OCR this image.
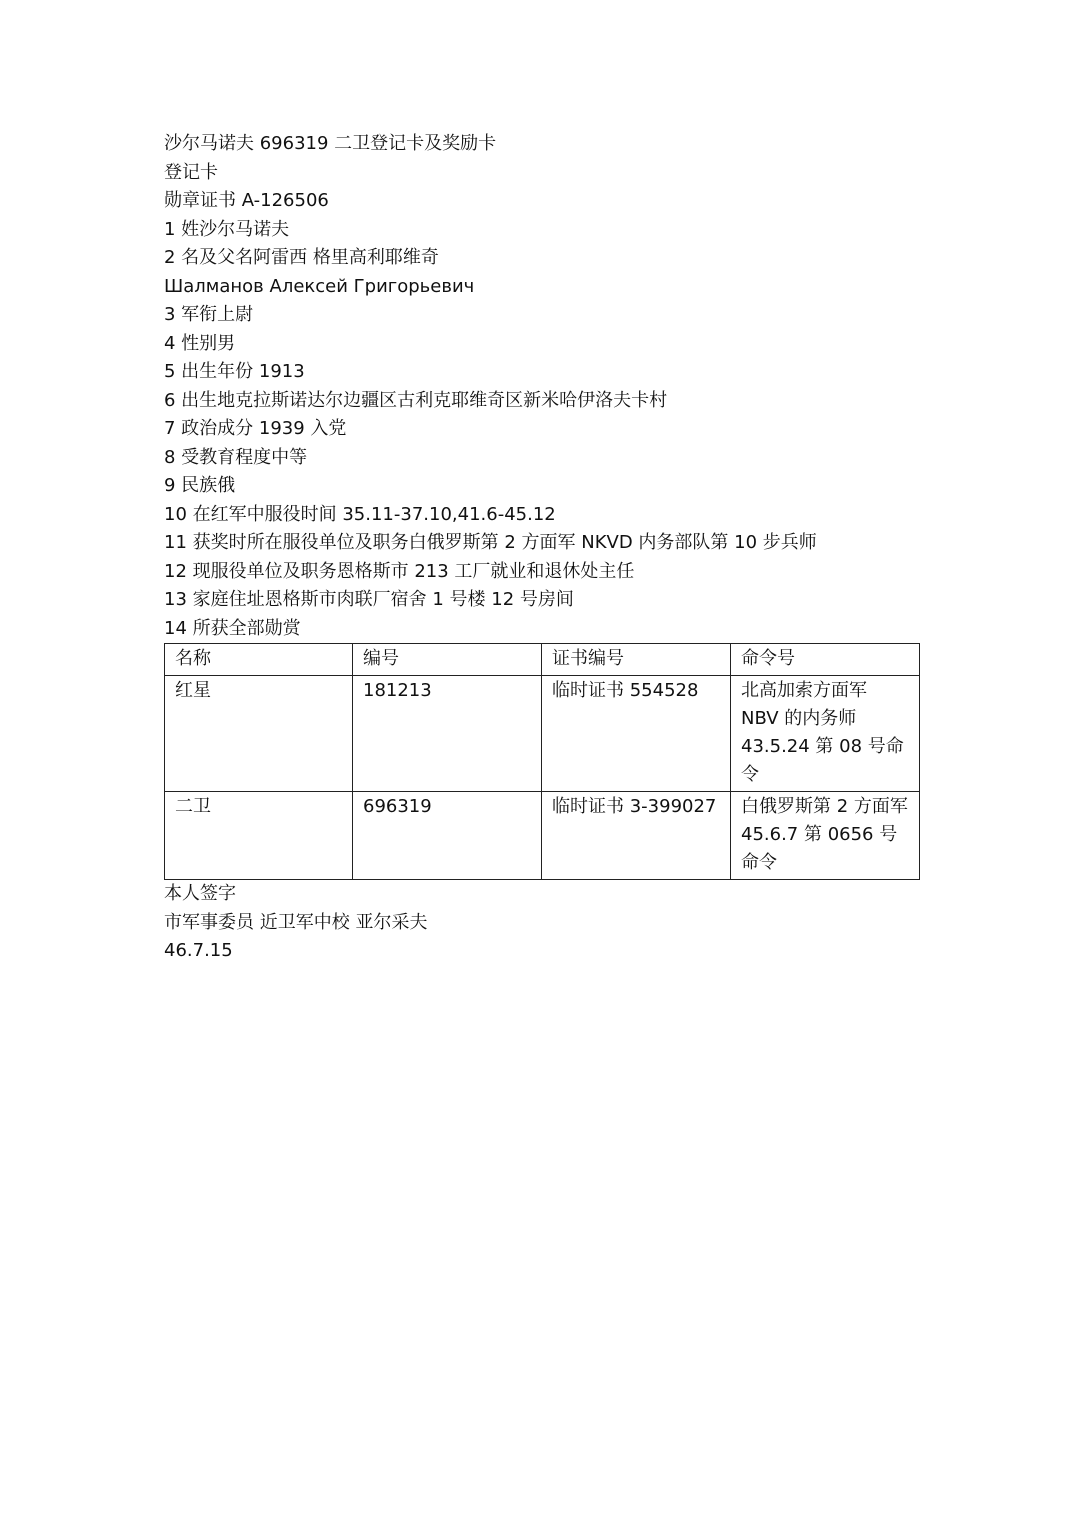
沙尔马诺夫 696319 二卫登记卡及奖励卡
登记卡
勋章证书 A-126506
1 姓沙尔马诺夫
2 名及父名阿雷西 格里高利耶维奇
Шалманов Алексей Григорьевич
3 军衔上尉
4 性别男
5 出生年份 1913
6 出生地克拉斯诺达尔边疆区古利克耶维奇区新米哈伊洛夫卡村
7 政治成分 1939 入党
8 受教育程度中等
9 民族俄
10 在红军中服役时间 35.11-37.10,41.6-45.12
11 获奖时所在服役单位及职务白俄罗斯第 2 方面军 NKVD 内务部队第 10 步兵师
12 现服役单位及职务恩格斯市 213 工厂就业和退休处主任
13 家庭住址恩格斯市肉联厂宿舍 1 号楼 12 号房间
14 所获全部勋赏
名称	编号	证书编号	命令号
红星	181213	临时证书 554528	北高加索方面军 NBV 的内务师 43.5.24 第 08 号命令
二卫	696319	临时证书 3-399027	白俄罗斯第 2 方面军 45.6.7 第 0656 号命令
本人签字
市军事委员 近卫军中校 亚尔采夫
46.7.15
